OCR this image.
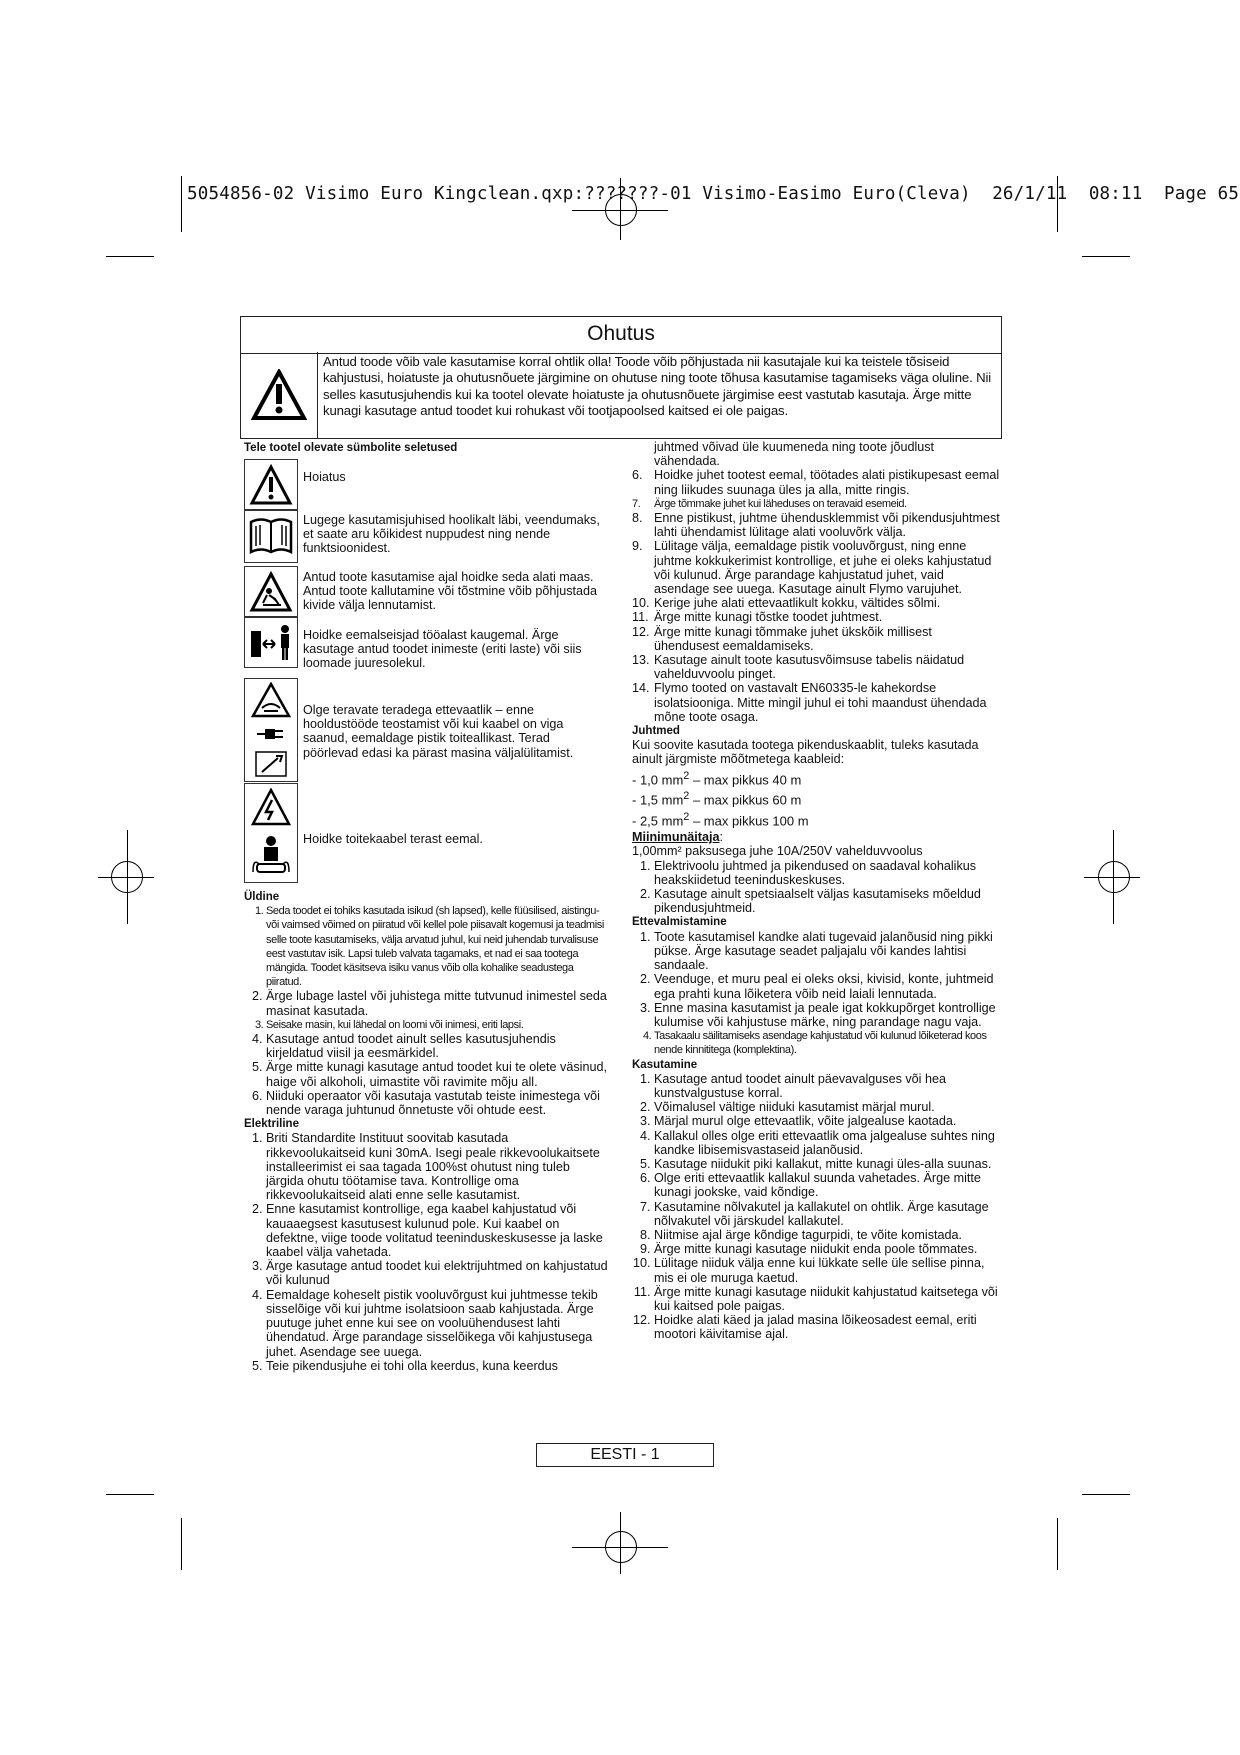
5054856-02 Visimo Euro Kingclean.qxp:???????-01 Visimo-Easimo Euro(Cleva)  26/1/11  08:11  Page 65
Ohutus
Antud toode võib vale kasutamise korral ohtlik olla! Toode võib põhjustada nii kasutajale kui ka teistele tõsiseid kahjustusi, hoiatuste ja ohutusnõuete järgimine on ohutuse ning toote tõhusa kasutamise tagamiseks väga oluline. Nii selles kasutusjuhendis kui ka tootel olevate hoiatuste ja ohutusnõuete järgimise eest vastutab kasutaja. Ärge mitte kunagi kasutage antud toodet kui rohukast või tootjapoolsed kaitsed ei ole paigas.
Tele tootel olevate sümbolite seletused
Hoiatus
Lugege kasutamisjuhised hoolikalt läbi, veendumaks, et saate aru kõikidest nuppudest ning nende funktsioonidest.
Antud toote kasutamise ajal hoidke seda alati maas. Antud toote kallutamine või tõstmine võib põhjustada kivide välja lennutamist.
Hoidke eemalseisjad tööalast kaugemal. Ärge kasutage antud toodet inimeste (eriti laste) või siis loomade juuresolekul.
Olge teravate teradega ettevaatlik – enne hooldustööde teostamist või kui kaabel on viga saanud, eemaldage pistik toiteallikast. Terad pöörlevad edasi ka pärast masina väljalülitamist.
Hoidke toitekaabel terast eemal.
Üldine
1. Seda toodet ei tohiks kasutada isikud (sh lapsed), kelle füüsilised, aistingu- või vaimsed võimed on piiratud või kellel pole piisavalt kogemusi ja teadmisi selle toote kasutamiseks, välja arvatud juhul, kui neid juhendab turvalisuse eest vastutav isik. Lapsi tuleb valvata tagamaks, et nad ei saa tootega mängida. Toodet käsitseva isiku vanus võib olla kohalike seadustega piiratud.
2. Ärge lubage lastel või juhistega mitte tutvunud inimestel seda masinat kasutada.
3. Seisake masin, kui lähedal on loomi või inimesi, eriti lapsi.
4. Kasutage antud toodet ainult selles kasutusjuhendis kirjeldatud viisil ja eesmärkidel.
5. Ärge mitte kunagi kasutage antud toodet kui te olete väsinud, haige või alkoholi, uimastite või ravimite mõju all.
6. Niiduki operaator või kasutaja vastutab teiste inimestega või nende varaga juhtunud õnnetuste või ohtude eest.
Elektriline
1. Briti Standardite Instituut soovitab kasutada rikkevoolukaitseid kuni 30mA. Isegi peale rikkevoolukaitsete installeerimist ei saa tagada 100%st ohutust ning tuleb järgida ohutu töötamise tava. Kontrollige oma rikkevoolukaitseid alati enne selle kasutamist.
2. Enne kasutamist kontrollige, ega kaabel kahjustatud või kauaaegsest kasutusest kulunud pole. Kui kaabel on defektne, viige toode volitatud teeninduskeskusesse ja laske kaabel välja vahetada.
3. Ärge kasutage antud toodet kui elektrijuhtmed on kahjustatud või kulunud
4. Eemaldage koheselt pistik vooluvõrgust kui juhtmesse tekib sisselõige või kui juhtme isolatsioon saab kahjustada. Ärge puutuge juhet enne kui see on vooluühendusest lahti ühendatud. Ärge parandage sisselõikega või kahjustusega juhet. Asendage see uuega.
5. Teie pikendusjuhe ei tohi olla keerdus, kuna keerdus
juhtmed võivad üle kuumeneda ning toote jõudlust vähendada.
6. Hoidke juhet tootest eemal, töötades alati pistikupesast eemal ning liikudes suunaga üles ja alla, mitte ringis.
7.	Ärge tõmmake juhet kui läheduses on teravaid esemeid.
8. Enne pistikust, juhtme ühendusklemmist või pikendusjuhtmest lahti ühendamist lülitage alati vooluvõrk välja.
9. Lülitage välja, eemaldage pistik vooluvõrgust, ning enne juhtme kokkukerimist kontrollige, et juhe ei oleks kahjustatud või kulunud. Ärge parandage kahjustatud juhet, vaid asendage see uuega. Kasutage ainult Flymo varujuhet.
10. Kerige juhe alati ettevaatlikult kokku, vältides sõlmi.
11. Ärge mitte kunagi tõstke toodet juhtmest.
12. Ärge mitte kunagi tõmmake juhet ükskõik millisest ühendusest eemaldamiseks.
13. Kasutage ainult toote kasutusvõimsuse tabelis näidatud vahelduvvoolu pinget.
14. Flymo tooted on vastavalt EN60335-le kahekordse isolatsiooniga. Mitte mingil juhul ei tohi maandust ühendada mõne toote osaga.
Juhtmed
Kui soovite kasutada tootega pikenduskaablit, tuleks kasutada ainult järgmiste mõõtmetega kaableid:
- 1,0 $mm^2$ – max pikkus 40 m
- 1,5 $mm^2$ – max pikkus 60 m
- 2,5 $mm^2$ – max pikkus 100 m
Miinimunäitaja:
1,00mm² paksusega juhe 10A/250V vahelduvvoolus
1. Elektrivoolu juhtmed ja pikendused on saadaval kohalikus heakskiidetud teeninduskeskuses.
2. Kasutage ainult spetsiaalselt väljas kasutamiseks mõeldud pikendusjuhtmeid.
Ettevalmistamine
1. Toote kasutamisel kandke alati tugevaid jalanõusid ning pikki pükse. Ärge kasutage seadet paljajalu või kandes lahtisi sandaale.
2. Veenduge, et muru peal ei oleks oksi, kivisid, konte, juhtmeid ega prahti kuna lõiketera võib neid laiali lennutada.
3. Enne masina kasutamist ja peale igat kokkupõrget kontrollige kulumise või kahjustuse märke, ning parandage nagu vaja.
4. Tasakaalu säilitamiseks asendage kahjustatud või kulunud lõiketerad koos nende kinnititega (komplektina).
Kasutamine
1. Kasutage antud toodet ainult päevavalguses või hea kunstvalgustuse korral.
2. Võimalusel vältige niiduki kasutamist märjal murul.
3. Märjal murul olge ettevaatlik, võite jalgealuse kaotada.
4. Kallakul olles olge eriti ettevaatlik oma jalgealuse suhtes ning kandke libisemisvastaseid jalanõusid.
5. Kasutage niidukit piki kallakut, mitte kunagi üles-alla suunas.
6. Olge eriti ettevaatlik kallakul suunda vahetades. Ärge mitte kunagi jookske, vaid kõndige.
7. Kasutamine nõlvakutel ja kallakutel on ohtlik. Ärge kasutage nõlvakutel või järskudel kallakutel.
8. Niitmise ajal ärge kõndige tagurpidi, te võite komistada.
9. Ärge mitte kunagi kasutage niidukit enda poole tõmmates.
10. Lülitage niiduk välja enne kui lükkate selle üle sellise pinna, mis ei ole muruga kaetud.
11. Ärge mitte kunagi kasutage niidukit kahjustatud kaitsetega või kui kaitsed pole paigas.
12. Hoidke alati käed ja jalad masina lõikeosadest eemal, eriti mootori käivitamise ajal.
EESTI - 1
